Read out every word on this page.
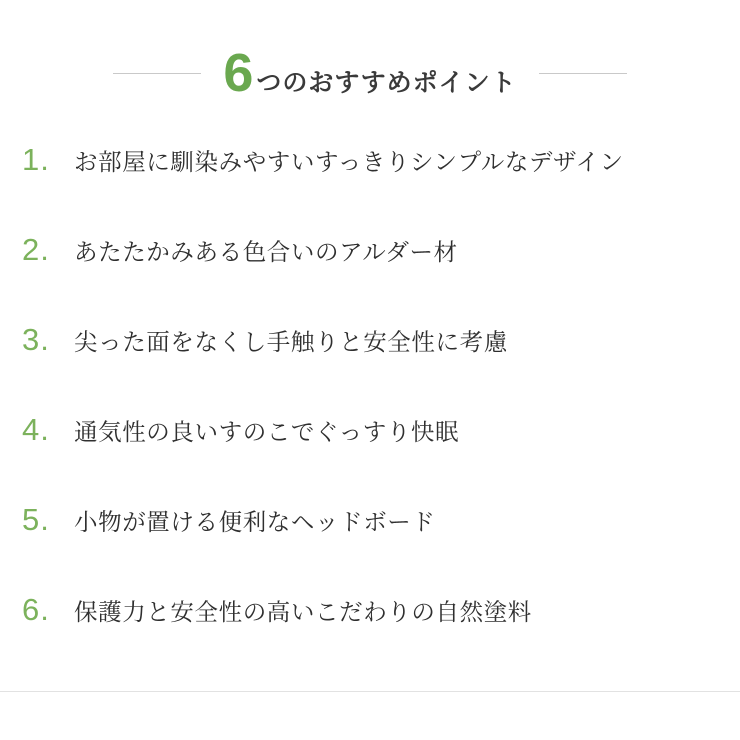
6 つのおすすめポイント
1.	お部屋に馴染みやすいすっきりシンプルなデザイン
2.	あたたかみある色合いのアルダー材
3.	尖った面をなくし手触りと安全性に考慮
4.	通気性の良いすのこでぐっすり快眠
5.	小物が置ける便利なヘッドボード
6.	保護力と安全性の高いこだわりの自然塗料
